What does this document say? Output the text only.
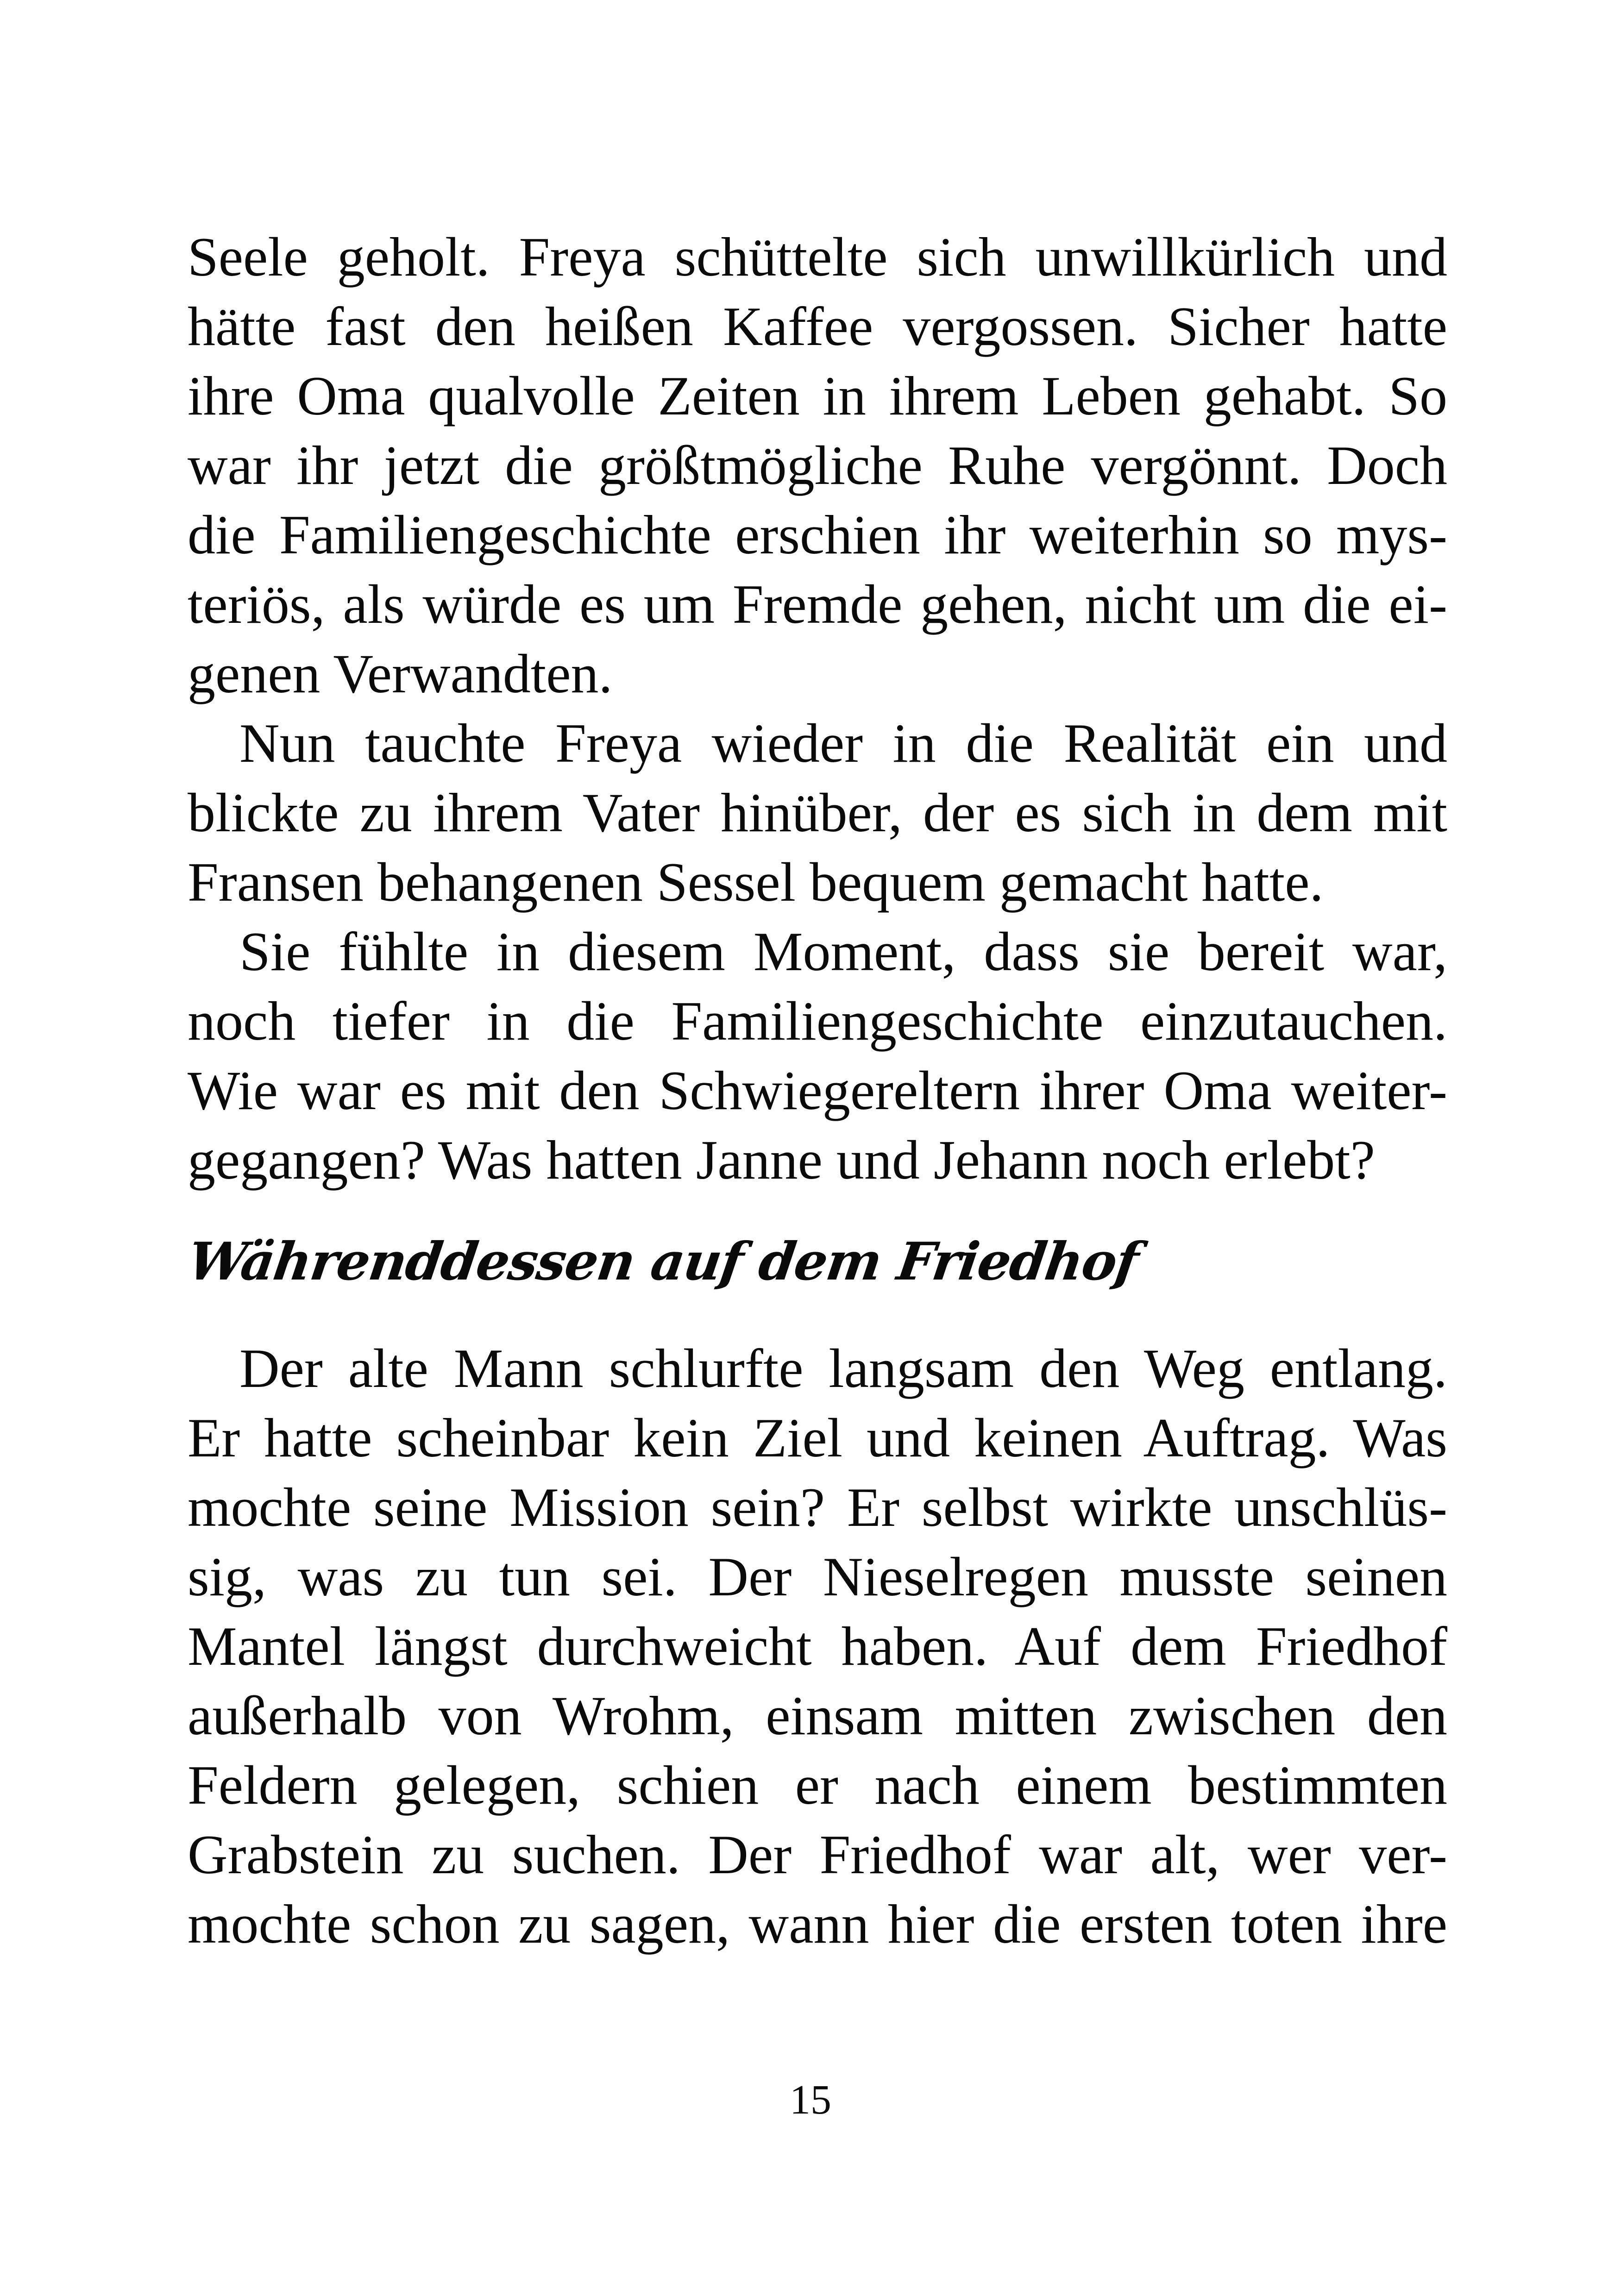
Seele geholt. Freya schüttelte sich unwillkürlich und
hätte fast den heißen Kaffee vergossen. Sicher hatte
ihre Oma qualvolle Zeiten in ihrem Leben gehabt. So
war ihr jetzt die größtmögliche Ruhe vergönnt. Doch
die Familiengeschichte erschien ihr weiterhin so mys-
teriös, als würde es um Fremde gehen, nicht um die ei-
genen Verwandten.
Nun tauchte Freya wieder in die Realität ein und
blickte zu ihrem Vater hinüber, der es sich in dem mit
Fransen behangenen Sessel bequem gemacht hatte.
Sie fühlte in diesem Moment, dass sie bereit war,
noch tiefer in die Familiengeschichte einzutauchen.
Wie war es mit den Schwiegereltern ihrer Oma weiter-
gegangen? Was hatten Janne und Jehann noch erlebt?
Währenddessen auf dem Friedhof
Der alte Mann schlurfte langsam den Weg entlang.
Er hatte scheinbar kein Ziel und keinen Auftrag. Was
mochte seine Mission sein? Er selbst wirkte unschlüs-
sig, was zu tun sei. Der Nieselregen musste seinen
Mantel längst durchweicht haben. Auf dem Friedhof
außerhalb von Wrohm, einsam mitten zwischen den
Feldern gelegen, schien er nach einem bestimmten
Grabstein zu suchen. Der Friedhof war alt, wer ver-
mochte schon zu sagen, wann hier die ersten toten ihre
15
